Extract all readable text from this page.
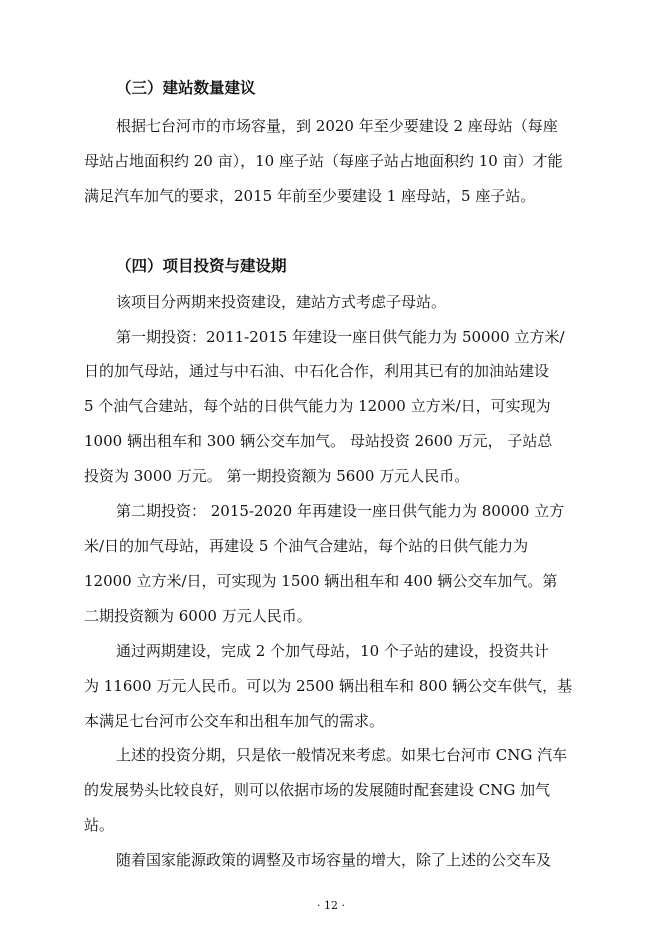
（三）建站数量建议
根据七台河市的市场容量，到 2020 年至少要建设 2 座母站（每座
母站占地面积约 20 亩），10 座子站（每座子站占地面积约 10 亩）才能
满足汽车加气的要求，2015 年前至少要建设 1 座母站，5 座子站。
（四）项目投资与建设期
该项目分两期来投资建设，建站方式考虑子母站。
第一期投资：2011-2015 年建设一座日供气能力为 50000 立方米/
日的加气母站，通过与中石油、中石化合作，利用其已有的加油站建设
5 个油气合建站，每个站的日供气能力为 12000 立方米/日，可实现为
1000 辆出租车和 300 辆公交车加气。 母站投资 2600 万元， 子站总
投资为 3000 万元。 第一期投资额为 5600 万元人民币。
第二期投资： 2015-2020 年再建设一座日供气能力为 80000 立方
米/日的加气母站，再建设 5 个油气合建站，每个站的日供气能力为
12000 立方米/日，可实现为 1500 辆出租车和 400 辆公交车加气。第
二期投资额为 6000 万元人民币。
通过两期建设，完成 2 个加气母站，10 个子站的建设，投资共计
为 11600 万元人民币。可以为 2500 辆出租车和 800 辆公交车供气，基
本满足七台河市公交车和出租车加气的需求。
上述的投资分期，只是依一般情况来考虑。如果七台河市 CNG 汽车
的发展势头比较良好，则可以依据市场的发展随时配套建设 CNG 加气
站。
随着国家能源政策的调整及市场容量的增大，除了上述的公交车及
· 12 ·
